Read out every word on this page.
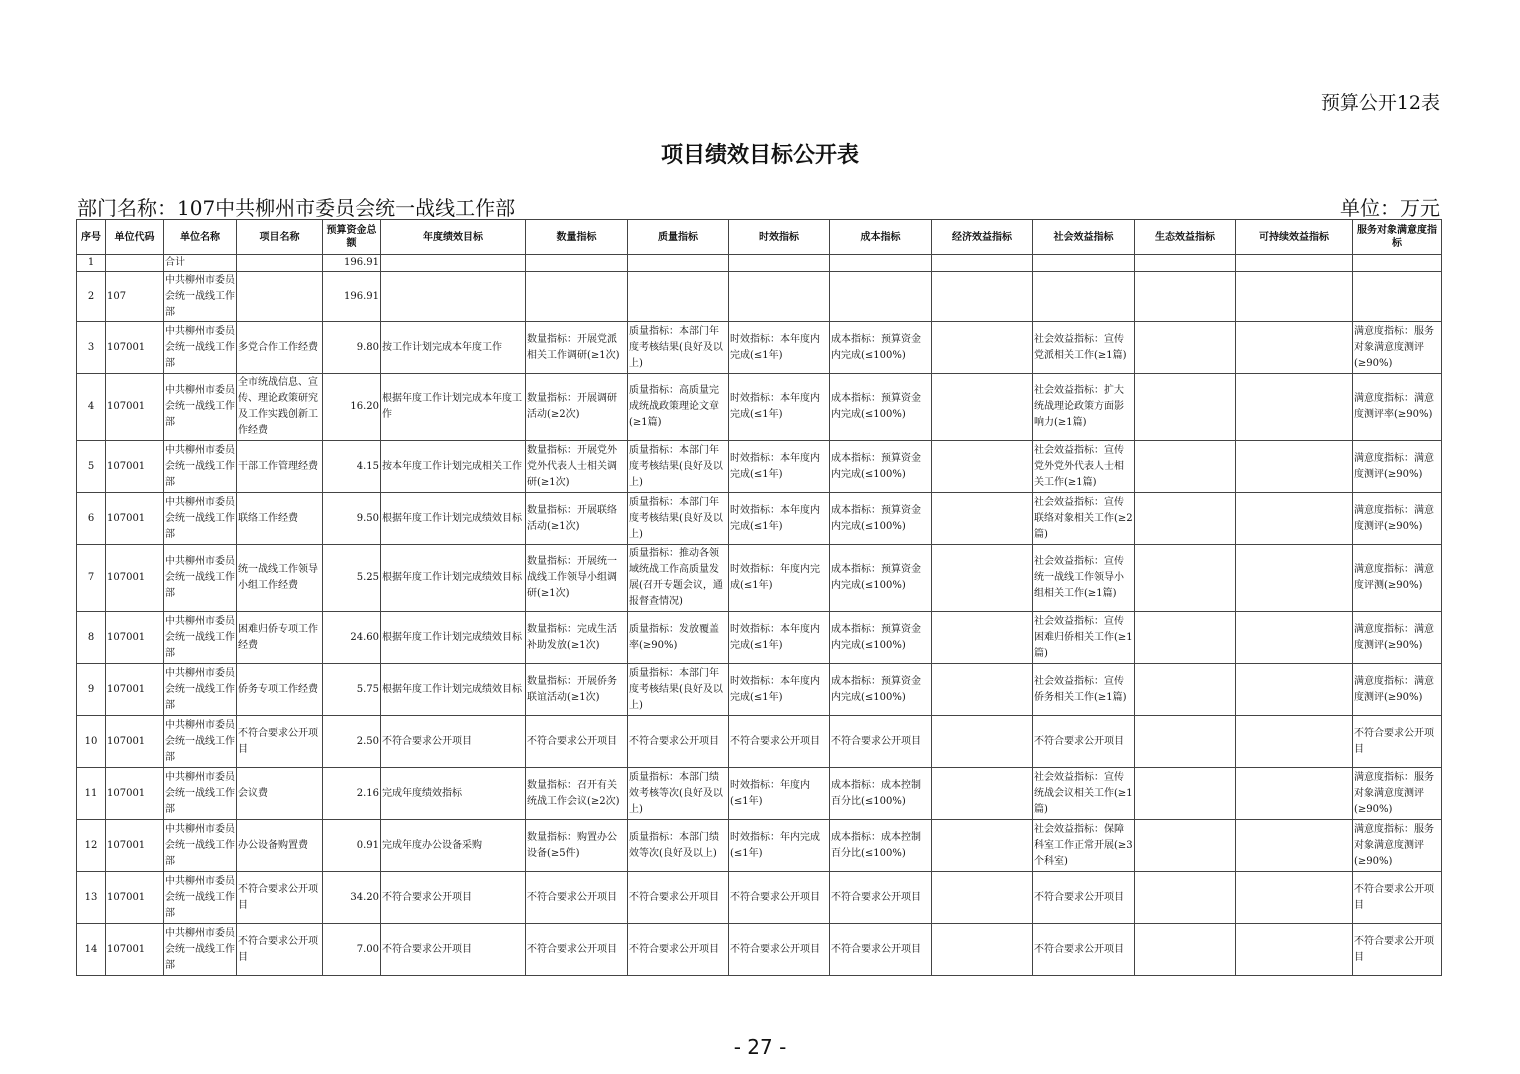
预算公开12表
项目绩效目标公开表
部门名称：107中共柳州市委员会统一战线工作部	单位：万元
序号	单位代码	单位名称	项目名称	预算资金总额	年度绩效目标	数量指标	质量指标	时效指标	成本指标	经济效益指标	社会效益指标	生态效益指标	可持续效益指标	服务对象满意度指标
1		合计		196.91										
2	107	中共柳州市委员会统一战线工作部		196.91										
3	107001	中共柳州市委员会统一战线工作部	多党合作工作经费	9.80	按工作计划完成本年度工作	数量指标：开展党派相关工作调研(≥1次)	质量指标：本部门年度考核结果(良好及以上)	时效指标：本年度内完成(≤1年)	成本指标：预算资金内完成(≤100%)		社会效益指标：宣传党派相关工作(≥1篇)			满意度指标：服务对象满意度测评(≥90%)
4	107001	中共柳州市委员会统一战线工作部	全市统战信息、宣传、理论政策研究及工作实践创新工作经费	16.20	根据年度工作计划完成本年度工作	数量指标：开展调研活动(≥2次)	质量指标：高质量完成统战政策理论文章(≥1篇)	时效指标：本年度内完成(≤1年)	成本指标：预算资金内完成(≤100%)		社会效益指标：扩大统战理论政策方面影响力(≥1篇)			满意度指标：满意度测评率(≥90%)
5	107001	中共柳州市委员会统一战线工作部	干部工作管理经费	4.15	按本年度工作计划完成相关工作	数量指标：开展党外党外代表人士相关调研(≥1次)	质量指标：本部门年度考核结果(良好及以上)	时效指标：本年度内完成(≤1年)	成本指标：预算资金内完成(≤100%)		社会效益指标：宣传党外党外代表人士相关工作(≥1篇)			满意度指标：满意度测评(≥90%)
6	107001	中共柳州市委员会统一战线工作部	联络工作经费	9.50	根据年度工作计划完成绩效目标	数量指标：开展联络活动(≥1次)	质量指标：本部门年度考核结果(良好及以上)	时效指标：本年度内完成(≤1年)	成本指标：预算资金内完成(≤100%)		社会效益指标：宣传联络对象相关工作(≥2篇)			满意度指标：满意度测评(≥90%)
7	107001	中共柳州市委员会统一战线工作部	统一战线工作领导小组工作经费	5.25	根据年度工作计划完成绩效目标	数量指标：开展统一战线工作领导小组调研(≥1次)	质量指标：推动各领域统战工作高质量发展(召开专题会议，通报督查情况)	时效指标：年度内完成(≤1年)	成本指标：预算资金内完成(≤100%)		社会效益指标：宣传统一战线工作领导小组相关工作(≥1篇)			满意度指标：满意度评测(≥90%)
8	107001	中共柳州市委员会统一战线工作部	困难归侨专项工作经费	24.60	根据年度工作计划完成绩效目标	数量指标：完成生活补助发放(≥1次)	质量指标：发放覆盖率(≥90%)	时效指标：本年度内完成(≤1年)	成本指标：预算资金内完成(≤100%)		社会效益指标：宣传困难归侨相关工作(≥1篇)			满意度指标：满意度测评(≥90%)
9	107001	中共柳州市委员会统一战线工作部	侨务专项工作经费	5.75	根据年度工作计划完成绩效目标	数量指标：开展侨务联谊活动(≥1次)	质量指标：本部门年度考核结果(良好及以上)	时效指标：本年度内完成(≤1年)	成本指标：预算资金内完成(≤100%)		社会效益指标：宣传侨务相关工作(≥1篇)			满意度指标：满意度测评(≥90%)
10	107001	中共柳州市委员会统一战线工作部	不符合要求公开项目	2.50	不符合要求公开项目	不符合要求公开项目	不符合要求公开项目	不符合要求公开项目	不符合要求公开项目		不符合要求公开项目			不符合要求公开项目
11	107001	中共柳州市委员会统一战线工作部	会议费	2.16	完成年度绩效指标	数量指标：召开有关统战工作会议(≥2次)	质量指标：本部门绩效考核等次(良好及以上)	时效指标：年度内(≤1年)	成本指标：成本控制百分比(≤100%)		社会效益指标：宣传统战会议相关工作(≥1篇)			满意度指标：服务对象满意度测评(≥90%)
12	107001	中共柳州市委员会统一战线工作部	办公设备购置费	0.91	完成年度办公设备采购	数量指标：购置办公设备(≥5件)	质量指标：本部门绩效等次(良好及以上)	时效指标：年内完成(≤1年)	成本指标：成本控制百分比(≤100%)		社会效益指标：保障科室工作正常开展(≥3个科室)			满意度指标：服务对象满意度测评(≥90%)
13	107001	中共柳州市委员会统一战线工作部	不符合要求公开项目	34.20	不符合要求公开项目	不符合要求公开项目	不符合要求公开项目	不符合要求公开项目	不符合要求公开项目		不符合要求公开项目			不符合要求公开项目
14	107001	中共柳州市委员会统一战线工作部	不符合要求公开项目	7.00	不符合要求公开项目	不符合要求公开项目	不符合要求公开项目	不符合要求公开项目	不符合要求公开项目		不符合要求公开项目			不符合要求公开项目
- 27 -
